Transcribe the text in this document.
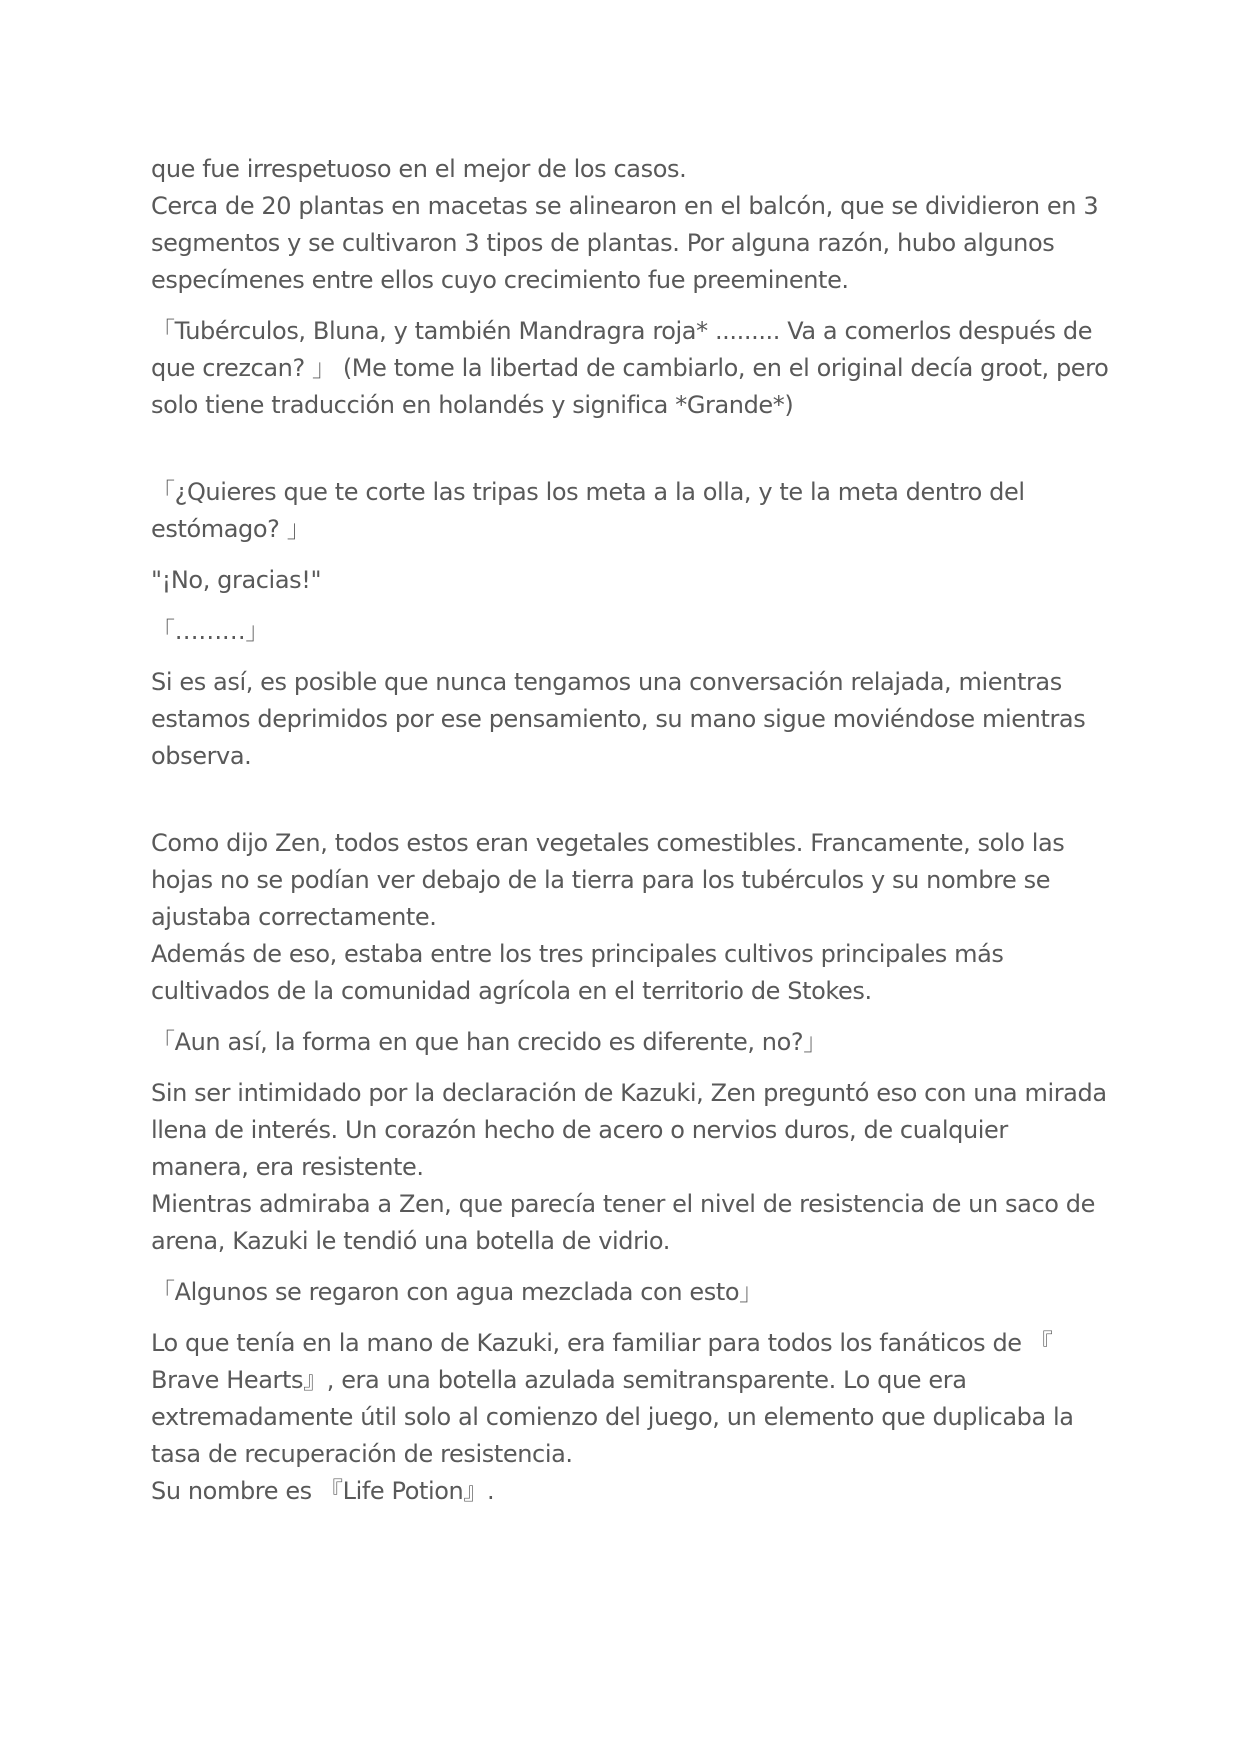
que fue irrespetuoso en el mejor de los casos.
Cerca de 20 plantas en macetas se alinearon en el balcón, que se dividieron en 3
segmentos y se cultivaron 3 tipos de plantas. Por alguna razón, hubo algunos
especímenes entre ellos cuyo crecimiento fue preeminente.

「Tubérculos, Bluna, y también Mandragra roja* ......... Va a comerlos después de
que crezcan? 」 (Me tome la libertad de cambiarlo, en el original decía groot, pero
solo tiene traducción en holandés y significa *Grande*)

「¿Quieres que te corte las tripas los meta a la olla, y te la meta dentro del
estómago? 」

"¡No, gracias!"

「………」

Si es así, es posible que nunca tengamos una conversación relajada, mientras
estamos deprimidos por ese pensamiento, su mano sigue moviéndose mientras
observa.

Como dijo Zen, todos estos eran vegetales comestibles. Francamente, solo las
hojas no se podían ver debajo de la tierra para los tubérculos y su nombre se
ajustaba correctamente.
Además de eso, estaba entre los tres principales cultivos principales más
cultivados de la comunidad agrícola en el territorio de Stokes.

「Aun así, la forma en que han crecido es diferente, no?」

Sin ser intimidado por la declaración de Kazuki, Zen preguntó eso con una mirada
llena de interés. Un corazón hecho de acero o nervios duros, de cualquier
manera, era resistente.
Mientras admiraba a Zen, que parecía tener el nivel de resistencia de un saco de
arena, Kazuki le tendió una botella de vidrio.

「Algunos se regaron con agua mezclada con esto」

Lo que tenía en la mano de Kazuki, era familiar para todos los fanáticos de 『
Brave Hearts』, era una botella azulada semitransparente. Lo que era
extremadamente útil solo al comienzo del juego, un elemento que duplicaba la
tasa de recuperación de resistencia.
Su nombre es 『Life Potion』.
